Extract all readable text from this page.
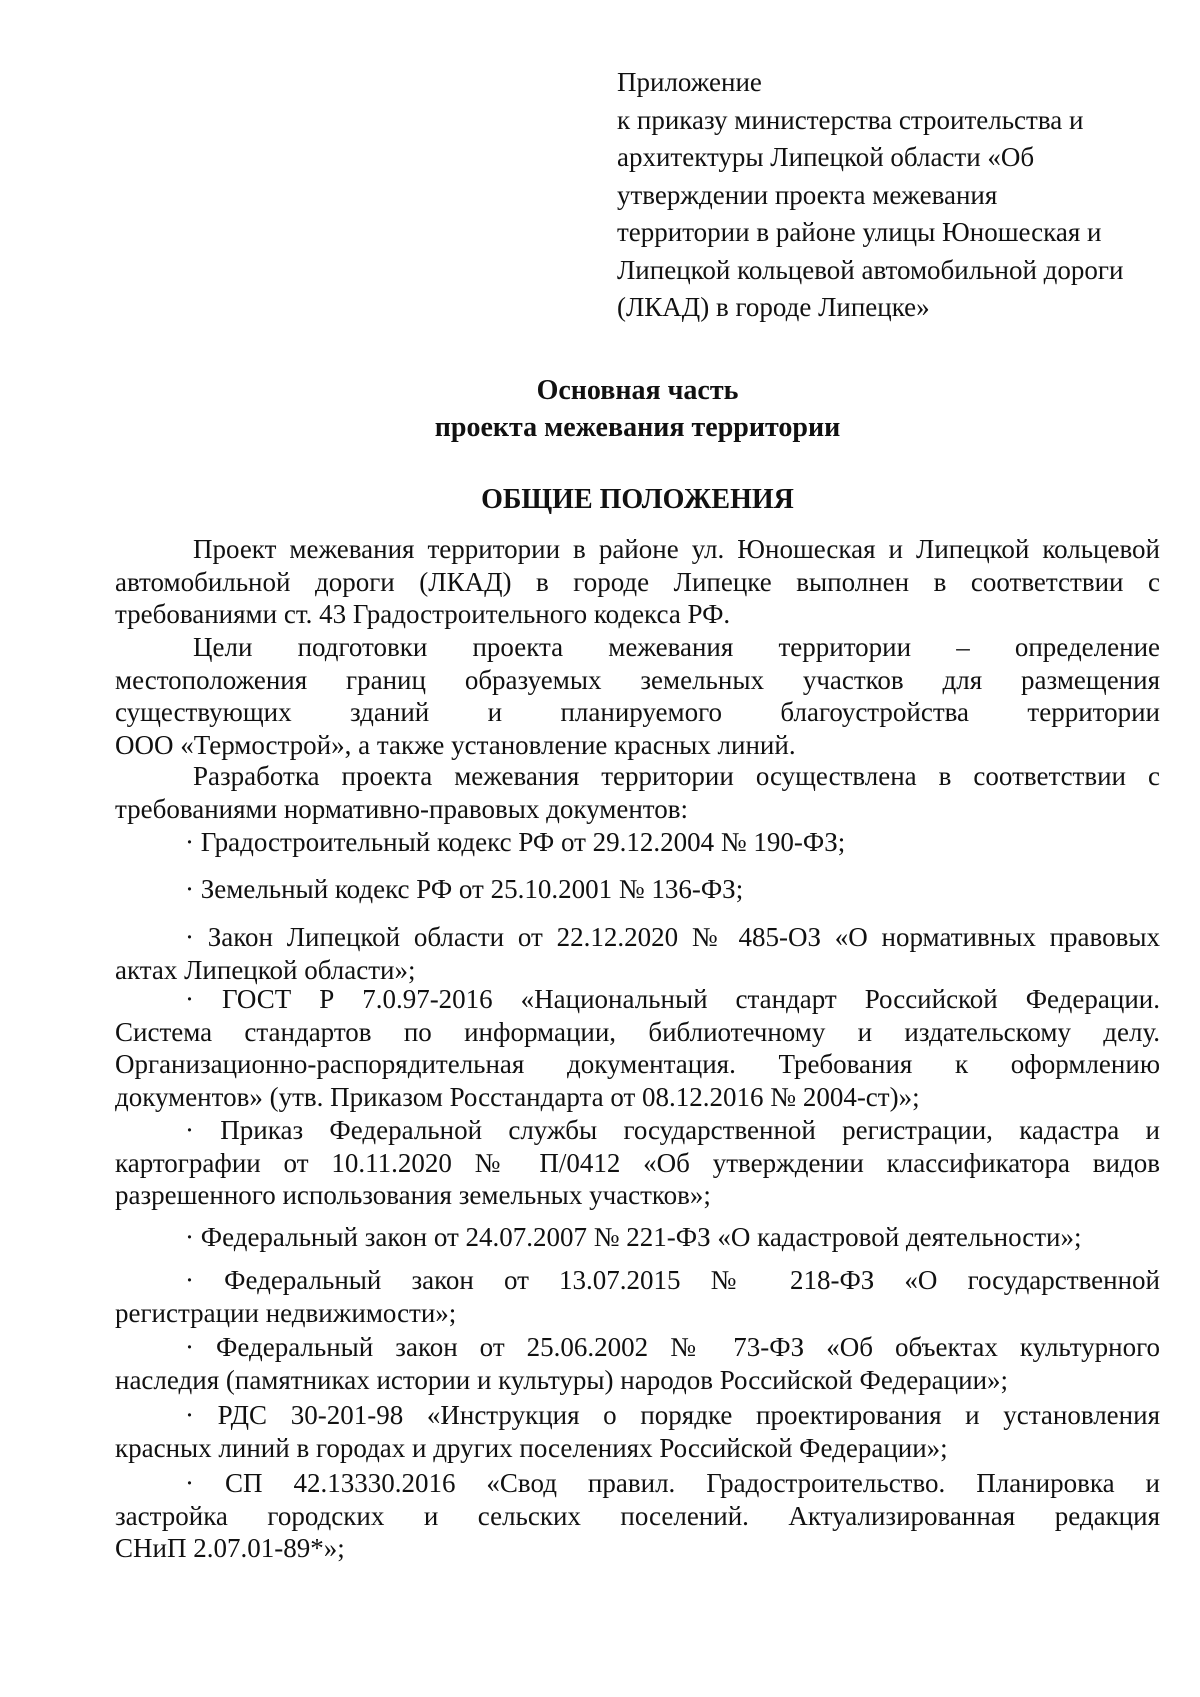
Приложение
к приказу министерства строительства и
архитектуры Липецкой области «Об
утверждении проекта межевания
территории в районе улицы Юношеская и
Липецкой кольцевой автомобильной дороги
(ЛКАД) в городе Липецке»
Основная часть
проекта межевания территории
ОБЩИЕ ПОЛОЖЕНИЯ
Проект межевания территории в районе ул. Юношеская и Липецкой кольцевой
автомобильной дороги (ЛКАД) в городе Липецке выполнен в соответствии с
требованиями ст. 43 Градостроительного кодекса РФ.
Цели подготовки проекта межевания территории – определение
местоположения границ образуемых земельных участков для размещения
существующих зданий и планируемого благоустройства территории
ООО «Термострой», а также установление красных линий.
Разработка проекта межевания территории осуществлена в соответствии с
требованиями нормативно-правовых документов:
· Градостроительный кодекс РФ от 29.12.2004 № 190-ФЗ;
· Земельный кодекс РФ от 25.10.2001 № 136-ФЗ;
· Закон Липецкой области от 22.12.2020 № 485-ОЗ «О нормативных правовых
актах Липецкой области»;
· ГОСТ Р 7.0.97-2016 «Национальный стандарт Российской Федерации.
Система стандартов по информации, библиотечному и издательскому делу.
Организационно-распорядительная документация. Требования к оформлению
документов» (утв. Приказом Росстандарта от 08.12.2016 № 2004-ст)»;
· Приказ Федеральной службы государственной регистрации, кадастра и
картографии от 10.11.2020 № П/0412 «Об утверждении классификатора видов
разрешенного использования земельных участков»;
· Федеральный закон от 24.07.2007 № 221-ФЗ «О кадастровой деятельности»;
· Федеральный закон от 13.07.2015 № 218-ФЗ «О государственной
регистрации недвижимости»;
· Федеральный закон от 25.06.2002 № 73-ФЗ «Об объектах культурного
наследия (памятниках истории и культуры) народов Российской Федерации»;
· РДС 30-201-98 «Инструкция о порядке проектирования и установления
красных линий в городах и других поселениях Российской Федерации»;
· СП 42.13330.2016 «Свод правил. Градостроительство. Планировка и
застройка городских и сельских поселений. Актуализированная редакция
СНиП 2.07.01-89*»;
